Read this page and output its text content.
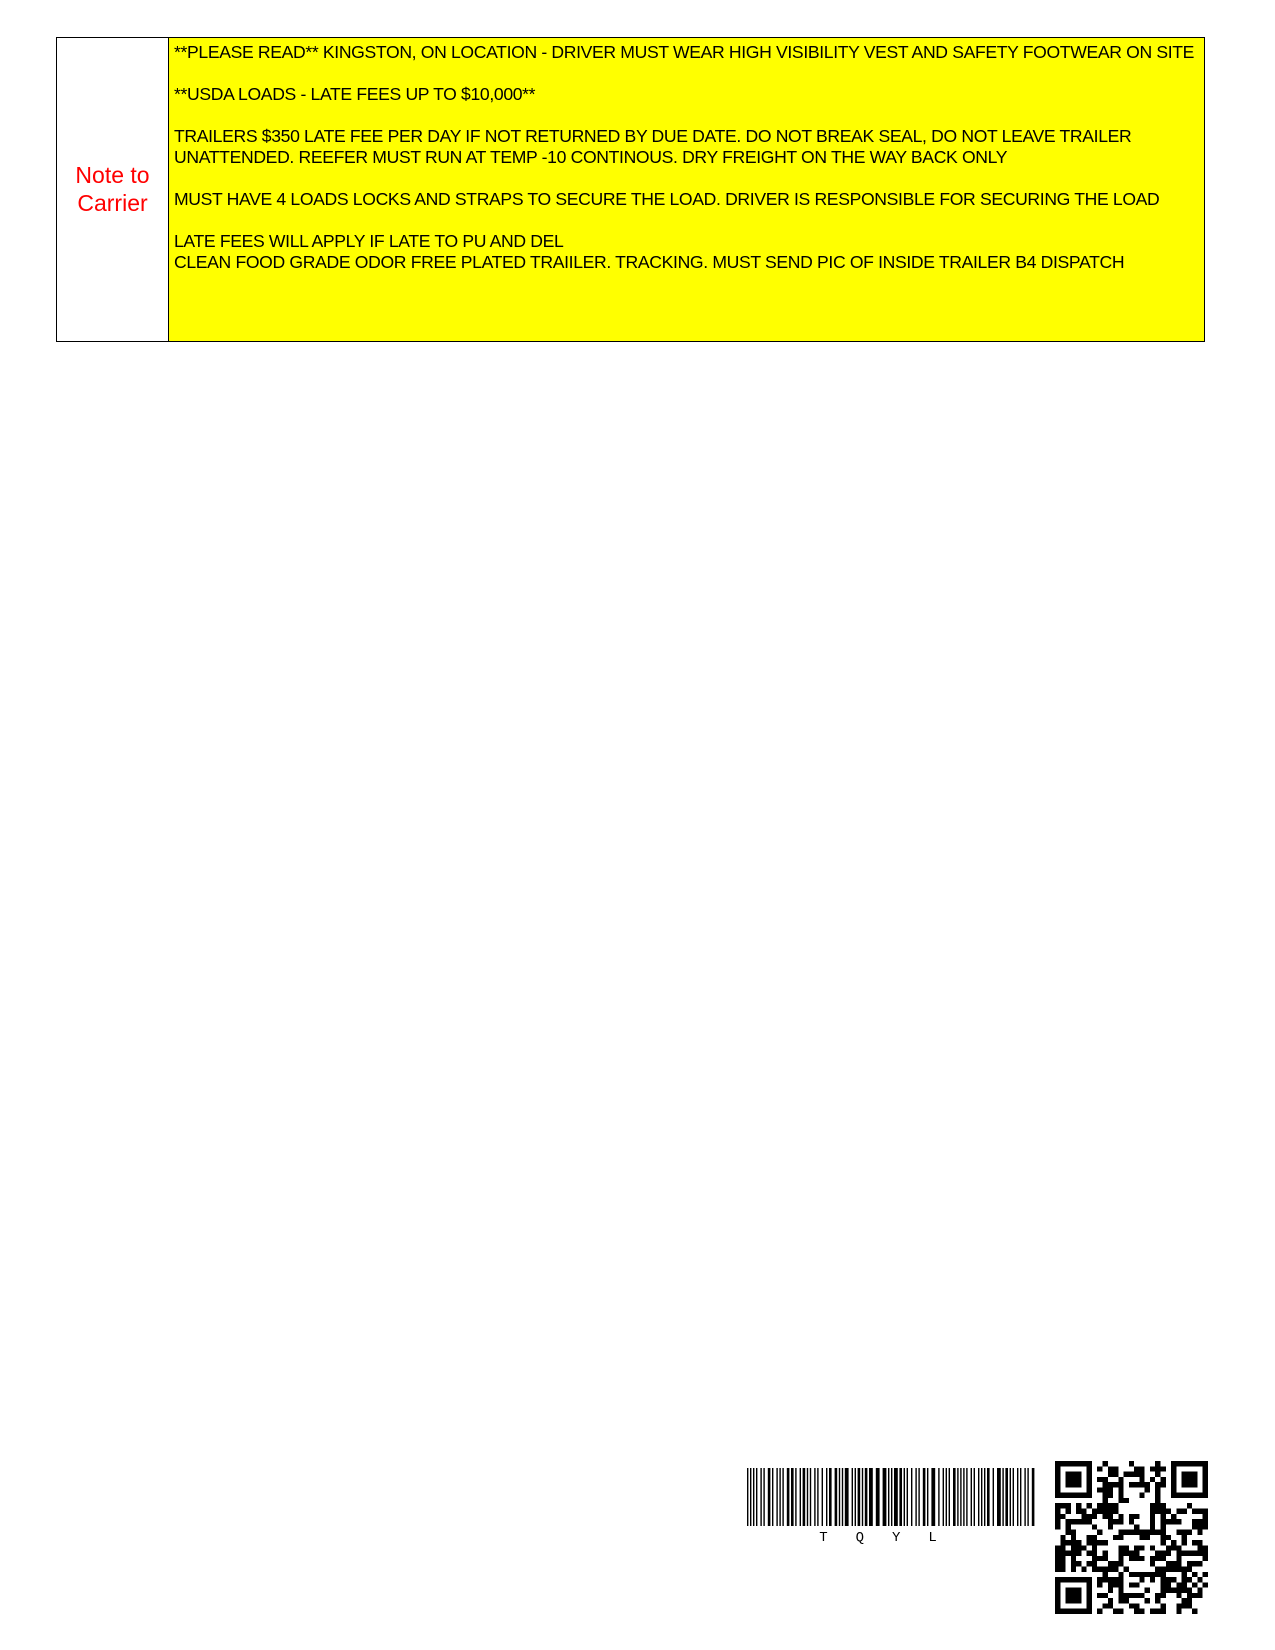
Note to
Carrier

**PLEASE READ** KINGSTON, ON LOCATION - DRIVER MUST WEAR HIGH VISIBILITY VEST AND SAFETY FOOTWEAR ON SITE

**USDA LOADS - LATE FEES UP TO $10,000**

TRAILERS $350 LATE FEE PER DAY IF NOT RETURNED BY DUE DATE. DO NOT BREAK SEAL, DO NOT LEAVE TRAILER UNATTENDED. REEFER MUST RUN AT TEMP -10 CONTINOUS. DRY FREIGHT ON THE WAY BACK ONLY

MUST HAVE 4 LOADS LOCKS AND STRAPS TO SECURE THE LOAD. DRIVER IS RESPONSIBLE FOR SECURING THE LOAD

LATE FEES WILL APPLY IF LATE TO PU AND DEL

CLEAN FOOD GRADE ODOR FREE PLATED TRAIILER. TRACKING. MUST SEND PIC OF INSIDE TRAILER B4 DISPATCH

TQYL
